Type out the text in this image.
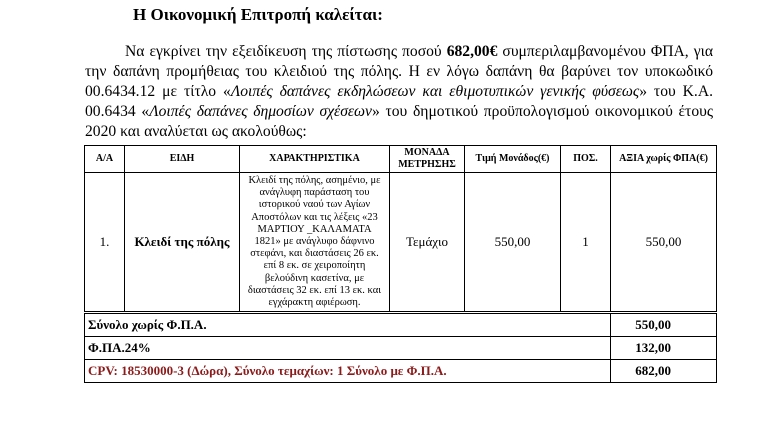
Η Οικονομική Επιτροπή καλείται:
Να εγκρίνει την εξειδίκευση της πίστωσης ποσού 682,00€ συμπεριλαμβανομένου ΦΠΑ, για την δαπάνη προμήθειας του κλειδιού της πόλης. Η εν λόγω δαπάνη θα βαρύνει τον υποκωδικό 00.6434.12 με τίτλο «Λοιπές δαπάνες εκδηλώσεων και εθιμοτυπικών γενικής φύσεως» του Κ.Α. 00.6434 «Λοιπές δαπάνες δημοσίων σχέσεων» του δημοτικού προϋπολογισμού οικονομικού έτους 2020 και αναλύεται ως ακολούθως:
Α/Α	ΕΙΔΗ	ΧΑΡΑΚΤΗΡΙΣΤΙΚΑ	ΜΟΝΑΔΑ ΜΕΤΡΗΣΗΣ	Τιμή Μονάδος(€)	ΠΟΣ.	ΑΞΙΑ χωρίς ΦΠΑ(€)
1.	Κλειδί της πόλης	Κλειδί της πόλης, ασημένιο, με ανάγλυφη παράσταση του ιστορικού ναού των Αγίων Αποστόλων και τις λέξεις «23 ΜΑΡΤΙΟΥ _ΚΑΛΑΜΑΤΑ 1821» με ανάγλυφο δάφνινο στεφάνι, και διαστάσεις 26 εκ. επί 8 εκ. σε χειροποίητη βελούδινη κασετίνα, με διαστάσεις 32 εκ. επί 13 εκ. και εγχάρακτη αφιέρωση.	Τεμάχιο	550,00	1	550,00
Σύνολο χωρίς Φ.Π.Α.						550,00
Φ.ΠΑ.24%						132,00
CPV: 18530000-3 (Δώρα), Σύνολο τεμαχίων: 1 Σύνολο με Φ.Π.Α.						682,00
